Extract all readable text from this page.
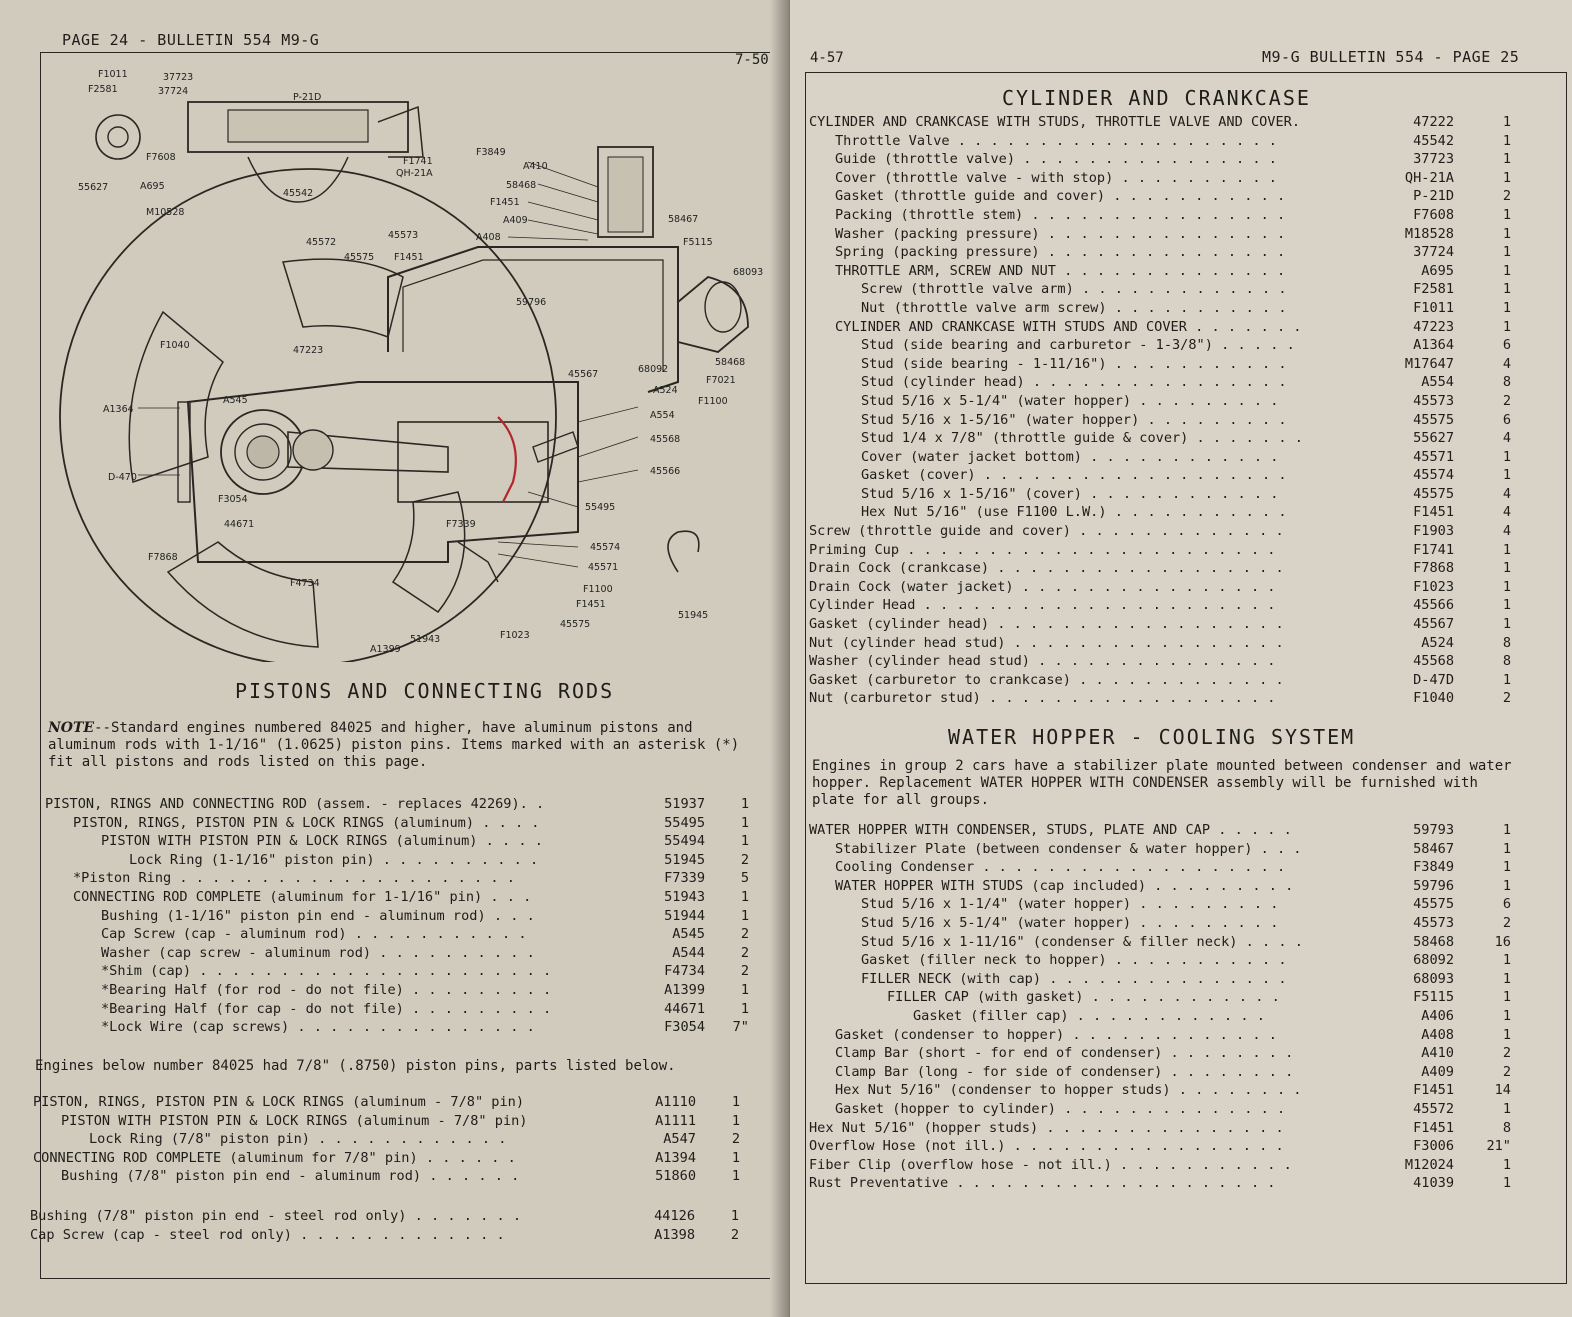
PAGE 24 - BULLETIN 554 M9-G
7-50
F1011	37723
F2581	37724
P-21D
F7608	F1741
QH-21A
55627	A695
45542
M10528
F3849
A410
58468
F1451
A409
A408
58467
F5115
45572
45573
45575 F1451
68093
59796
F1040	47223
58468
F7021
45567	68092
A524
F1100
A1364
A545
A554
45568
D-470
45566
F3054
55495
44671	F7339
F7868
45574
45571
F1100
F4734
F1451
51945
45575
A1399
51943	F1023
PISTONS AND CONNECTING RODS
NOTE--Standard engines numbered 84025 and higher, have aluminum pistons and aluminum rods with 1-1/16" (1.0625) piston pins. Items marked with an asterisk (*) fit all pistons and rods listed on this page.
PISTON, RINGS AND CONNECTING ROD (assem. - replaces 42269). .	51937	1
PISTON, RINGS, PISTON PIN & LOCK RINGS (aluminum) . . . .	55495	1
PISTON WITH PISTON PIN & LOCK RINGS (aluminum) . . . .	55494	1
Lock Ring (1-1/16" piston pin) . . . . . . . . . .	51945	2
*Piston Ring . . . . . . . . . . . . . . . . . . . . .	F7339	5
CONNECTING ROD COMPLETE (aluminum for 1-1/16" pin) . . .	51943	1
Bushing (1-1/16" piston pin end - aluminum rod) . . .	51944	1
Cap Screw (cap - aluminum rod) . . . . . . . . . . .	A545	2
Washer (cap screw - aluminum rod) . . . . . . . . . .	A544	2
*Shim (cap) . . . . . . . . . . . . . . . . . . . . . .	F4734	2
*Bearing Half (for rod - do not file) . . . . . . . . .	A1399	1
*Bearing Half (for cap - do not file) . . . . . . . . .	44671	1
*Lock Wire (cap screws) . . . . . . . . . . . . . . .	F3054	7"
Engines below number 84025 had 7/8" (.8750) piston pins, parts listed below.
PISTON, RINGS, PISTON PIN & LOCK RINGS (aluminum - 7/8" pin)	A1110	1
PISTON WITH PISTON PIN & LOCK RINGS (aluminum - 7/8" pin)	A1111	1
Lock Ring (7/8" piston pin) . . . . . . . . . . . .	A547	2
CONNECTING ROD COMPLETE (aluminum for 7/8" pin) . . . . . .	A1394	1
Bushing (7/8" piston pin end - aluminum rod) . . . . . .	51860	1
Bushing (7/8" piston pin end - steel rod only) . . . . . . .	44126	1
Cap Screw (cap - steel rod only) . . . . . . . . . . . . .	A1398	2
4-57	M9-G BULLETIN 554 - PAGE 25
CYLINDER AND CRANKCASE
CYLINDER AND CRANKCASE WITH STUDS, THROTTLE VALVE AND COVER.	47222	1
Throttle Valve . . . . . . . . . . . . . . . . . . . .	45542	1
Guide (throttle valve) . . . . . . . . . . . . . . . .	37723	1
Cover (throttle valve - with stop) . . . . . . . . . .	QH-21A	1
Gasket (throttle guide and cover) . . . . . . . . . . .	P-21D	2
Packing (throttle stem) . . . . . . . . . . . . . . . .	F7608	1
Washer (packing pressure) . . . . . . . . . . . . . . .	M18528	1
Spring (packing pressure) . . . . . . . . . . . . . . .	37724	1
THROTTLE ARM, SCREW AND NUT . . . . . . . . . . . . . .	A695	1
Screw (throttle valve arm) . . . . . . . . . . . . .	F2581	1
Nut (throttle valve arm screw) . . . . . . . . . . .	F1011	1
CYLINDER AND CRANKCASE WITH STUDS AND COVER . . . . . . .	47223	1
Stud (side bearing and carburetor - 1-3/8") . . . . .	A1364	6
Stud (side bearing - 1-11/16") . . . . . . . . . . .	M17647	4
Stud (cylinder head) . . . . . . . . . . . . . . . .	A554	8
Stud 5/16 x 5-1/4" (water hopper) . . . . . . . . .	45573	2
Stud 5/16 x 1-5/16" (water hopper) . . . . . . . . .	45575	6
Stud 1/4 x 7/8" (throttle guide & cover) . . . . . . .	55627	4
Cover (water jacket bottom) . . . . . . . . . . . .	45571	1
Gasket (cover) . . . . . . . . . . . . . . . . . . .	45574	1
Stud 5/16 x 1-5/16" (cover) . . . . . . . . . . . .	45575	4
Hex Nut 5/16" (use F1100 L.W.) . . . . . . . . . . .	F1451	4
Screw (throttle guide and cover) . . . . . . . . . . . . .	F1903	4
Priming Cup . . . . . . . . . . . . . . . . . . . . . . .	F1741	1
Drain Cock (crankcase) . . . . . . . . . . . . . . . . . .	F7868	1
Drain Cock (water jacket) . . . . . . . . . . . . . . . .	F1023	1
Cylinder Head . . . . . . . . . . . . . . . . . . . . . .	45566	1
Gasket (cylinder head) . . . . . . . . . . . . . . . . . .	45567	1
Nut (cylinder head stud) . . . . . . . . . . . . . . . . .	A524	8
Washer (cylinder head stud) . . . . . . . . . . . . . . .	45568	8
Gasket (carburetor to crankcase) . . . . . . . . . . . . .	D-47D	1
Nut (carburetor stud) . . . . . . . . . . . . . . . . . .	F1040	2
WATER HOPPER - COOLING SYSTEM
Engines in group 2 cars have a stabilizer plate mounted between condenser and water hopper. Replacement WATER HOPPER WITH CONDENSER assembly will be furnished with plate for all groups.
WATER HOPPER WITH CONDENSER, STUDS, PLATE AND CAP . . . . .	59793	1
Stabilizer Plate (between condenser & water hopper) . . .	58467	1
Cooling Condenser . . . . . . . . . . . . . . . . . . .	F3849	1
WATER HOPPER WITH STUDS (cap included) . . . . . . . . .	59796	1
Stud 5/16 x 1-1/4" (water hopper) . . . . . . . . .	45575	6
Stud 5/16 x 5-1/4" (water hopper) . . . . . . . . .	45573	2
Stud 5/16 x 1-11/16" (condenser & filler neck) . . . .	58468	16
Gasket (filler neck to hopper) . . . . . . . . . . .	68092	1
FILLER NECK (with cap) . . . . . . . . . . . . . . .	68093	1
FILLER CAP (with gasket) . . . . . . . . . . . .	F5115	1
Gasket (filler cap) . . . . . . . . . . . .	A406	1
Gasket (condenser to hopper) . . . . . . . . . . . . .	A408	1
Clamp Bar (short - for end of condenser) . . . . . . . .	A410	2
Clamp Bar (long - for side of condenser) . . . . . . . .	A409	2
Hex Nut 5/16" (condenser to hopper studs) . . . . . . . .	F1451	14
Gasket (hopper to cylinder) . . . . . . . . . . . . . .	45572	1
Hex Nut 5/16" (hopper studs) . . . . . . . . . . . . . . .	F1451	8
Overflow Hose (not ill.) . . . . . . . . . . . . . . . . .	F3006	21"
Fiber Clip (overflow hose - not ill.) . . . . . . . . . . .	M12024	1
Rust Preventative . . . . . . . . . . . . . . . . . . . .	41039	1
